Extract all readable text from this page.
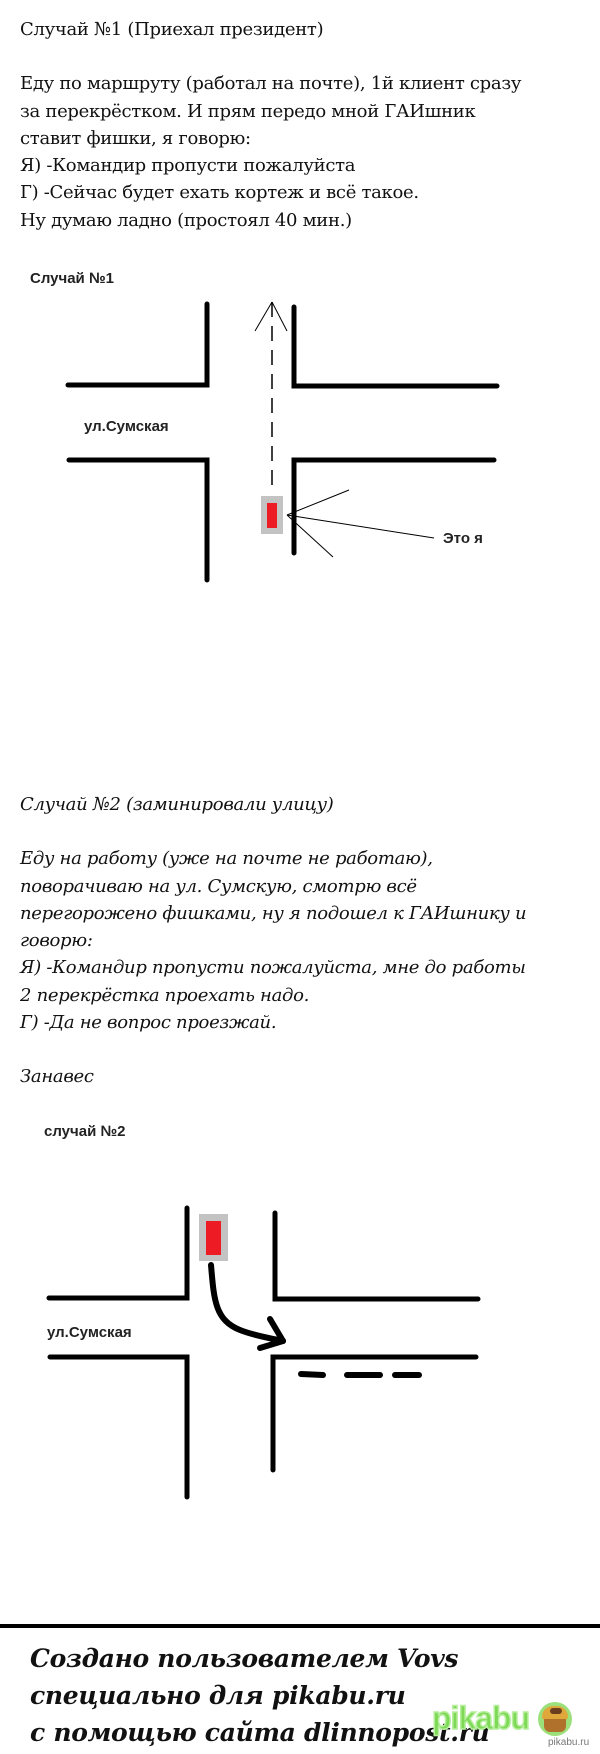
Случай №1 (Приехал президент)

Еду по маршруту (работал на почте), 1й клиент сразу

за перекрёстком. И прям передо мной ГАИшник

ставит фишки, я говорю:

Я) -Командир пропусти пожалуйста

Г) -Сейчас будет ехать кортеж и всё такое.

Ну думаю ладно (простоял 40 мин.)

Случай №1
ул.Сумская
Это я

Случай №2 (заминировали улицу)

Еду на работу (уже на почте не работаю),

поворачиваю на ул. Сумскую, смотрю всё

перегорожено фишками, ну я подошел к ГАИшнику и

говорю:

Я) -Командир пропусти пожалуйста, мне до работы

2 перекрёстка проехать надо.

Г) -Да не вопрос проезжай.

Занавес

случай №2
ул.Сумская

Создано пользователем Vovs

специально для pikabu.ru

с помощью сайта dlinnopost.ru

pikabu
pikabu.ru
